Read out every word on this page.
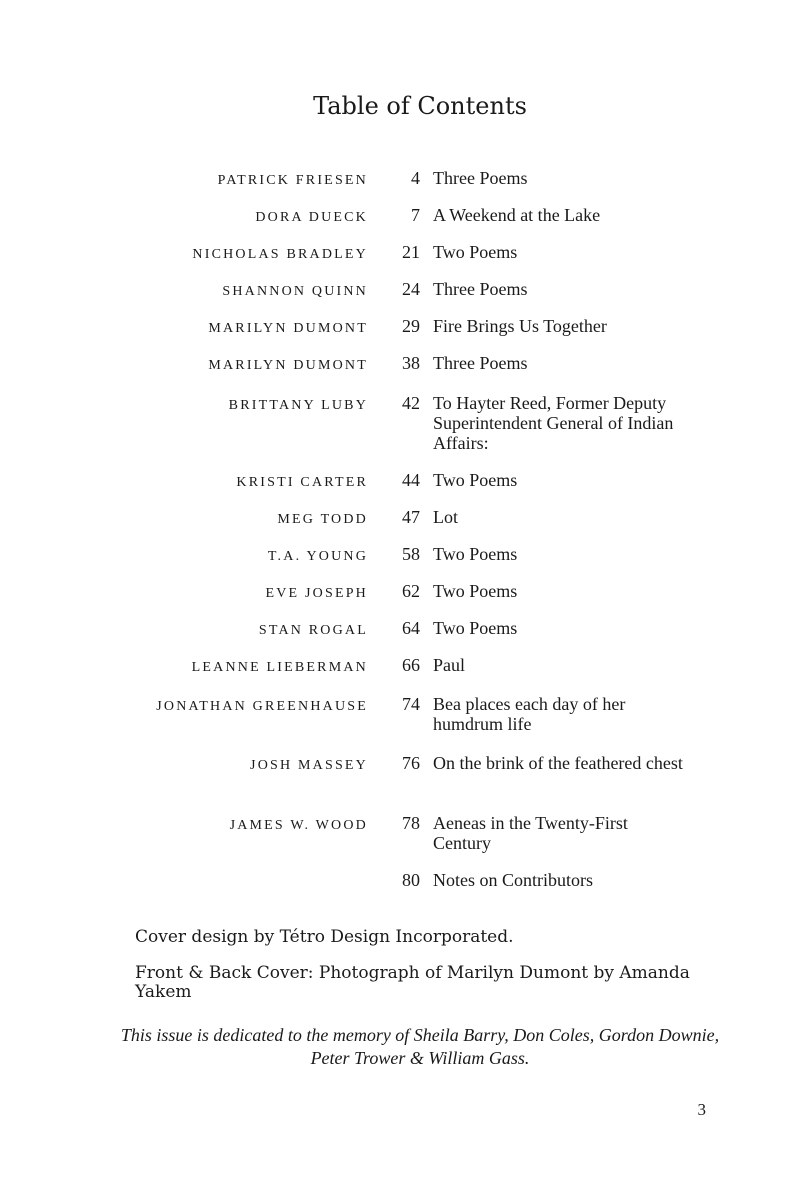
Table of Contents
PATRICK FRIESEN 4 Three Poems
DORA DUECK 7 A Weekend at the Lake
NICHOLAS BRADLEY 21 Two Poems
SHANNON QUINN 24 Three Poems
MARILYN DUMONT 29 Fire Brings Us Together
MARILYN DUMONT 38 Three Poems
BRITTANY LUBY 42 To Hayter Reed, Former Deputy Superintendent General of Indian Affairs:
KRISTI CARTER 44 Two Poems
MEG TODD 47 Lot
T.A. YOUNG 58 Two Poems
EVE JOSEPH 62 Two Poems
STAN ROGAL 64 Two Poems
LEANNE LIEBERMAN 66 Paul
JONATHAN GREENHAUSE 74 Bea places each day of her humdrum life
JOSH MASSEY 76 On the brink of the feathered chest
JAMES W. WOOD 78 Aeneas in the Twenty-First Century
80 Notes on Contributors
Cover design by Tétro Design Incorporated.
Front & Back Cover: Photograph of Marilyn Dumont by Amanda Yakem
This issue is dedicated to the memory of Sheila Barry, Don Coles, Gordon Downie, Peter Trower & William Gass.
3
